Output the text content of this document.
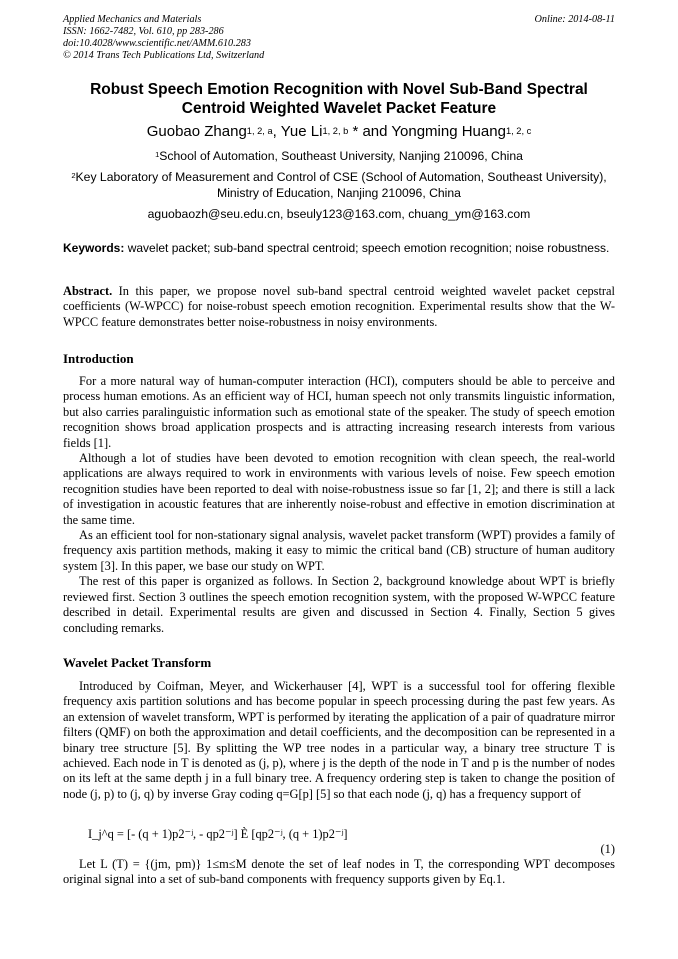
Applied Mechanics and Materials
ISSN: 1662-7482, Vol. 610, pp 283-286
doi:10.4028/www.scientific.net/AMM.610.283
© 2014 Trans Tech Publications Ltd, Switzerland
Online: 2014-08-11
Robust Speech Emotion Recognition with Novel Sub-Band Spectral
Centroid Weighted Wavelet Packet Feature
Guobao Zhang$^{1, 2, a}$, Yue Li$^{1, 2, b}$ * and Yongming Huang$^{1, 2, c}$
$^1$School of Automation, Southeast University, Nanjing 210096, China
$^2$Key Laboratory of Measurement and Control of CSE (School of Automation, Southeast University),
Ministry of Education, Nanjing 210096, China
aguobaozh@seu.edu.cn, bseuly123@163.com, chuang_ym@163.com
Keywords: wavelet packet; sub-band spectral centroid; speech emotion recognition; noise robustness.

Abstract. In this paper, we propose novel sub-band spectral centroid weighted wavelet packet cepstral coefficients (W-WPCC) for noise-robust speech emotion recognition. Experimental results show that the W-WPCC feature demonstrates better noise-robustness in noisy environments.

Introduction

For a more natural way of human-computer interaction (HCI), computers should be able to perceive and process human emotions. As an efficient way of HCI, human speech not only transmits linguistic information, but also carries paralinguistic information such as emotional state of the speaker. The study of speech emotion recognition shows broad application prospects and is attracting increasing research interests from various fields [1].

Although a lot of studies have been devoted to emotion recognition with clean speech, the real-world applications are always required to work in environments with various levels of noise. Few speech emotion recognition studies have been reported to deal with noise-robustness issue so far [1, 2]; and there is still a lack of investigation in acoustic features that are inherently noise-robust and effective in emotion discrimination at the same time.

As an efficient tool for non-stationary signal analysis, wavelet packet transform (WPT) provides a family of frequency axis partition methods, making it easy to mimic the critical band (CB) structure of human auditory system [3]. In this paper, we base our study on WPT.

The rest of this paper is organized as follows. In Section 2, background knowledge about WPT is briefly reviewed first. Section 3 outlines the speech emotion recognition system, with the proposed W-WPCC feature described in detail. Experimental results are given and discussed in Section 4. Finally, Section 5 gives concluding remarks.

Wavelet Packet Transform

Introduced by Coifman, Meyer, and Wickerhauser [4], WPT is a successful tool for offering flexible frequency axis partition solutions and has become popular in speech processing during the past few years. As an extension of wavelet transform, WPT is performed by iterating the application of a pair of quadrature mirror filters (QMF) on both the approximation and detail coefficients, and the decomposition can be represented in a binary tree structure [5]. By splitting the WP tree nodes in a particular way, a binary tree structure T is achieved. Each node in T is denoted as (j, p), where j is the depth of the node in T and p is the number of nodes on its left at the same depth j in a full binary tree. A frequency ordering step is taken to change the position of node (j, p) to (j, q) by inverse Gray coding q=G[p] [5] so that each node (j, q) has a frequency support of

I_j^q = [- (q + 1)p2⁻ʲ, - qp2⁻ʲ] È [qp2⁻ʲ, (q + 1)p2⁻ʲ]
(1)

Let L (T) = {(jm, pm)} 1≤m≤M denote the set of leaf nodes in T, the corresponding WPT decomposes original signal into a set of sub-band components with frequency supports given by Eq.1.
